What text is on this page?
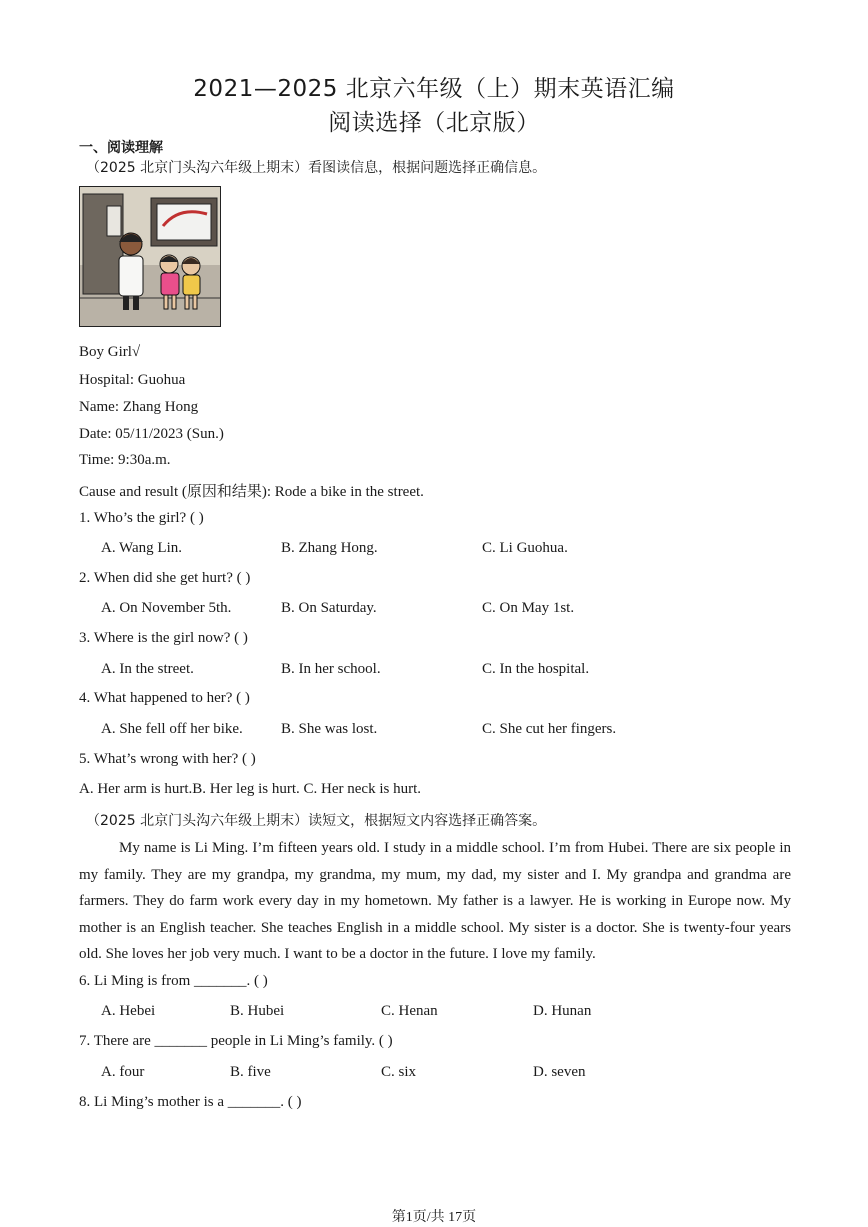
2021—2025 北京六年级（上）期末英语汇编
阅读选择（北京版）
一、阅读理解
（2025 北京门头沟六年级上期末）看图读信息，根据问题选择正确信息。
Boy Girl√
Hospital: Guohua
Name: Zhang Hong
Date: 05/11/2023 (Sun.)
Time: 9:30a.m.
Cause and result (原因和结果): Rode a bike in the street.
1. Who’s the girl? ( )
A. Wang Lin.	B. Zhang Hong.	C. Li Guohua.
2. When did she get hurt? ( )
A. On November 5th.	B. On Saturday.	C. On May 1st.
3. Where is the girl now? ( )
A. In the street.	B. In her school.	C. In the hospital.
4. What happened to her? ( )
A. She fell off her bike.	B. She was lost.	C. She cut her fingers.
5. What’s wrong with her? ( )
A. Her arm is hurt.B. Her leg is hurt. C. Her neck is hurt.
（2025 北京门头沟六年级上期末）读短文，根据短文内容选择正确答案。
My name is Li Ming. I’m fifteen years old. I study in a middle school. I’m from Hubei. There are six people in my family. They are my grandpa, my grandma, my mum, my dad, my sister and I. My grandpa and grandma are farmers. They do farm work every day in my hometown. My father is a lawyer. He is working in Europe now. My mother is an English teacher. She teaches English in a middle school. My sister is a doctor. She is twenty-four years old. She loves her job very much. I want to be a doctor in the future. I love my family.
6. Li Ming is from _______. ( )
A. Hebei	B. Hubei	C. Henan	D. Hunan
7. There are _______ people in Li Ming’s family. ( )
A. four	B. five	C. six	D. seven
8. Li Ming’s mother is a _______. ( )
第1页/共 17页
